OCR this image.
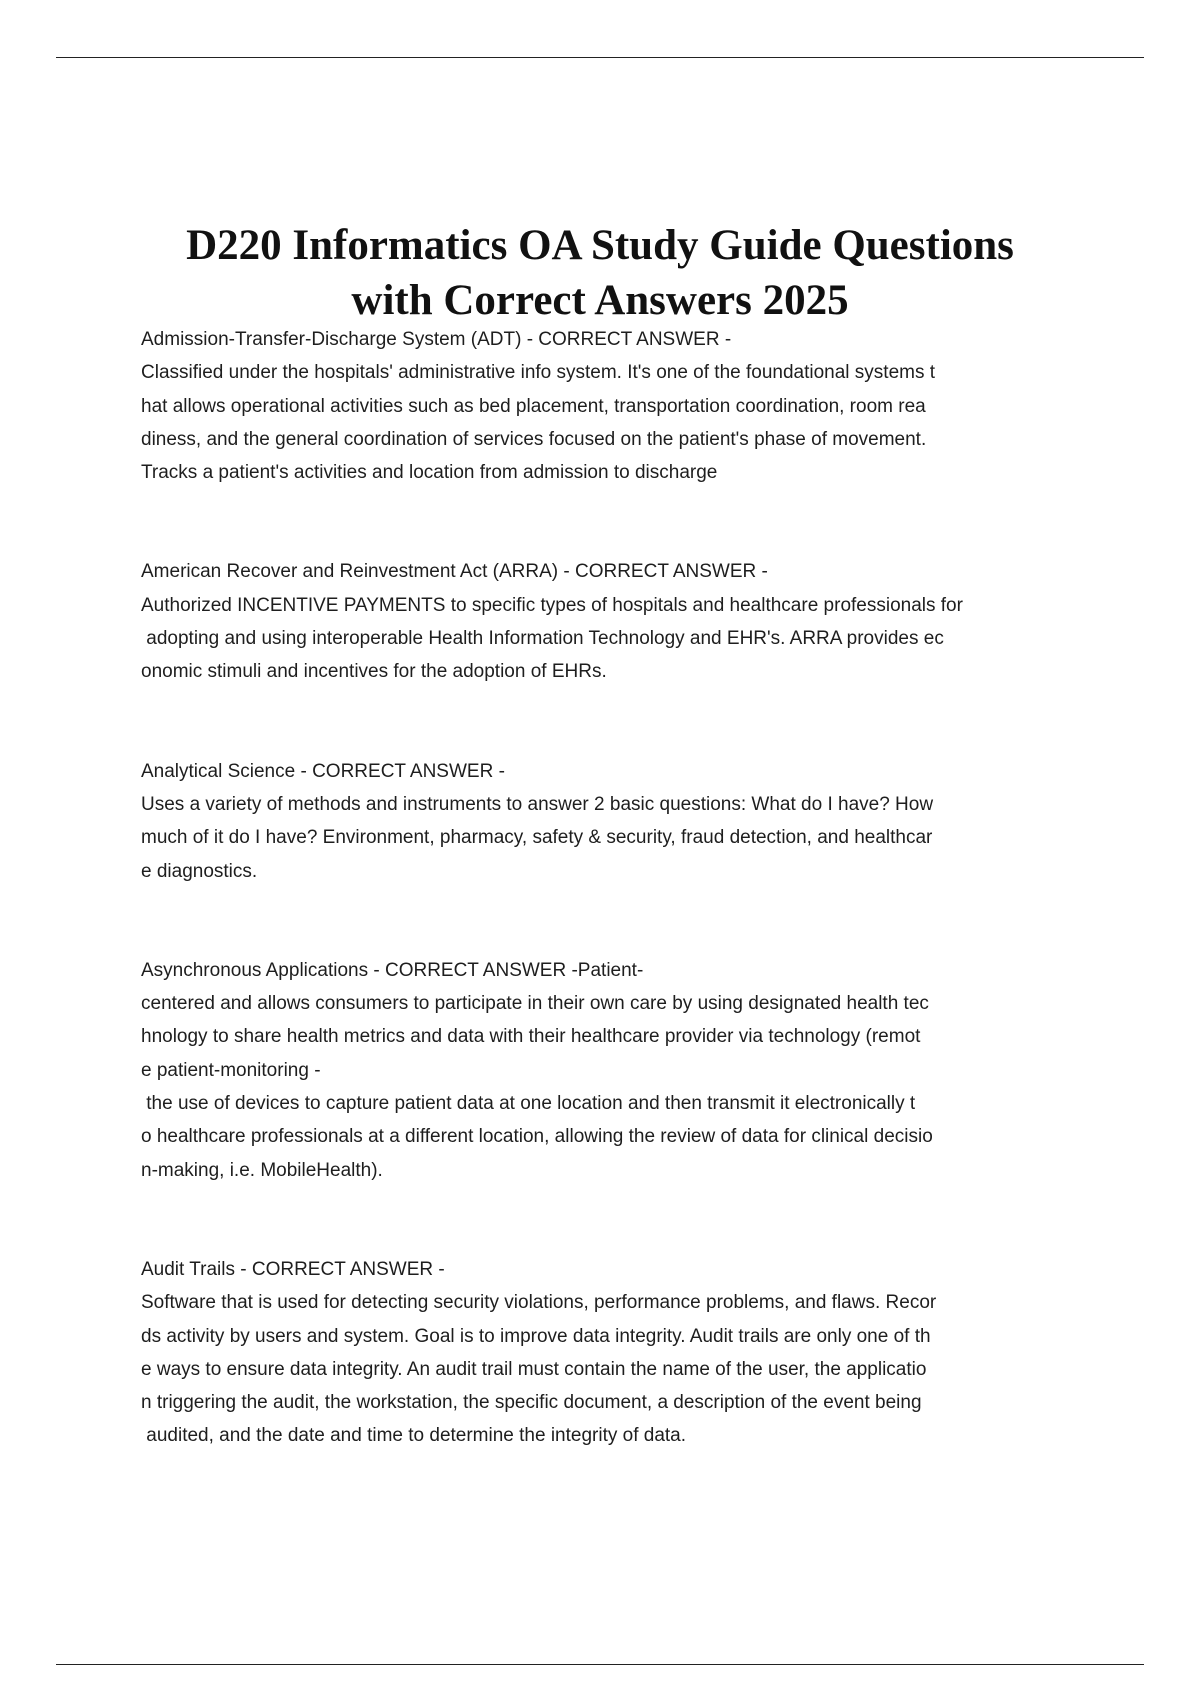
D220 Informatics OA Study Guide Questions
with Correct Answers 2025
Admission-Transfer-Discharge System (ADT) - CORRECT ANSWER -
Classified under the hospitals' administrative info system. It's one of the foundational systems t
hat allows operational activities such as bed placement, transportation coordination, room rea
diness, and the general coordination of services focused on the patient's phase of movement.
Tracks a patient's activities and location from admission to discharge
American Recover and Reinvestment Act (ARRA) - CORRECT ANSWER -
Authorized INCENTIVE PAYMENTS to specific types of hospitals and healthcare professionals for
adopting and using interoperable Health Information Technology and EHR's. ARRA provides ec
onomic stimuli and incentives for the adoption of EHRs.
Analytical Science - CORRECT ANSWER -
Uses a variety of methods and instruments to answer 2 basic questions: What do I have? How
much of it do I have? Environment, pharmacy, safety & security, fraud detection, and healthcar
e diagnostics.
Asynchronous Applications - CORRECT ANSWER -Patient-
centered and allows consumers to participate in their own care by using designated health tec
hnology to share health metrics and data with their healthcare provider via technology (remot
e patient-monitoring -
the use of devices to capture patient data at one location and then transmit it electronically t
o healthcare professionals at a different location, allowing the review of data for clinical decisio
n-making, i.e. MobileHealth).
Audit Trails - CORRECT ANSWER -
Software that is used for detecting security violations, performance problems, and flaws. Recor
ds activity by users and system. Goal is to improve data integrity. Audit trails are only one of th
e ways to ensure data integrity. An audit trail must contain the name of the user, the applicatio
n triggering the audit, the workstation, the specific document, a description of the event being
audited, and the date and time to determine the integrity of data.
